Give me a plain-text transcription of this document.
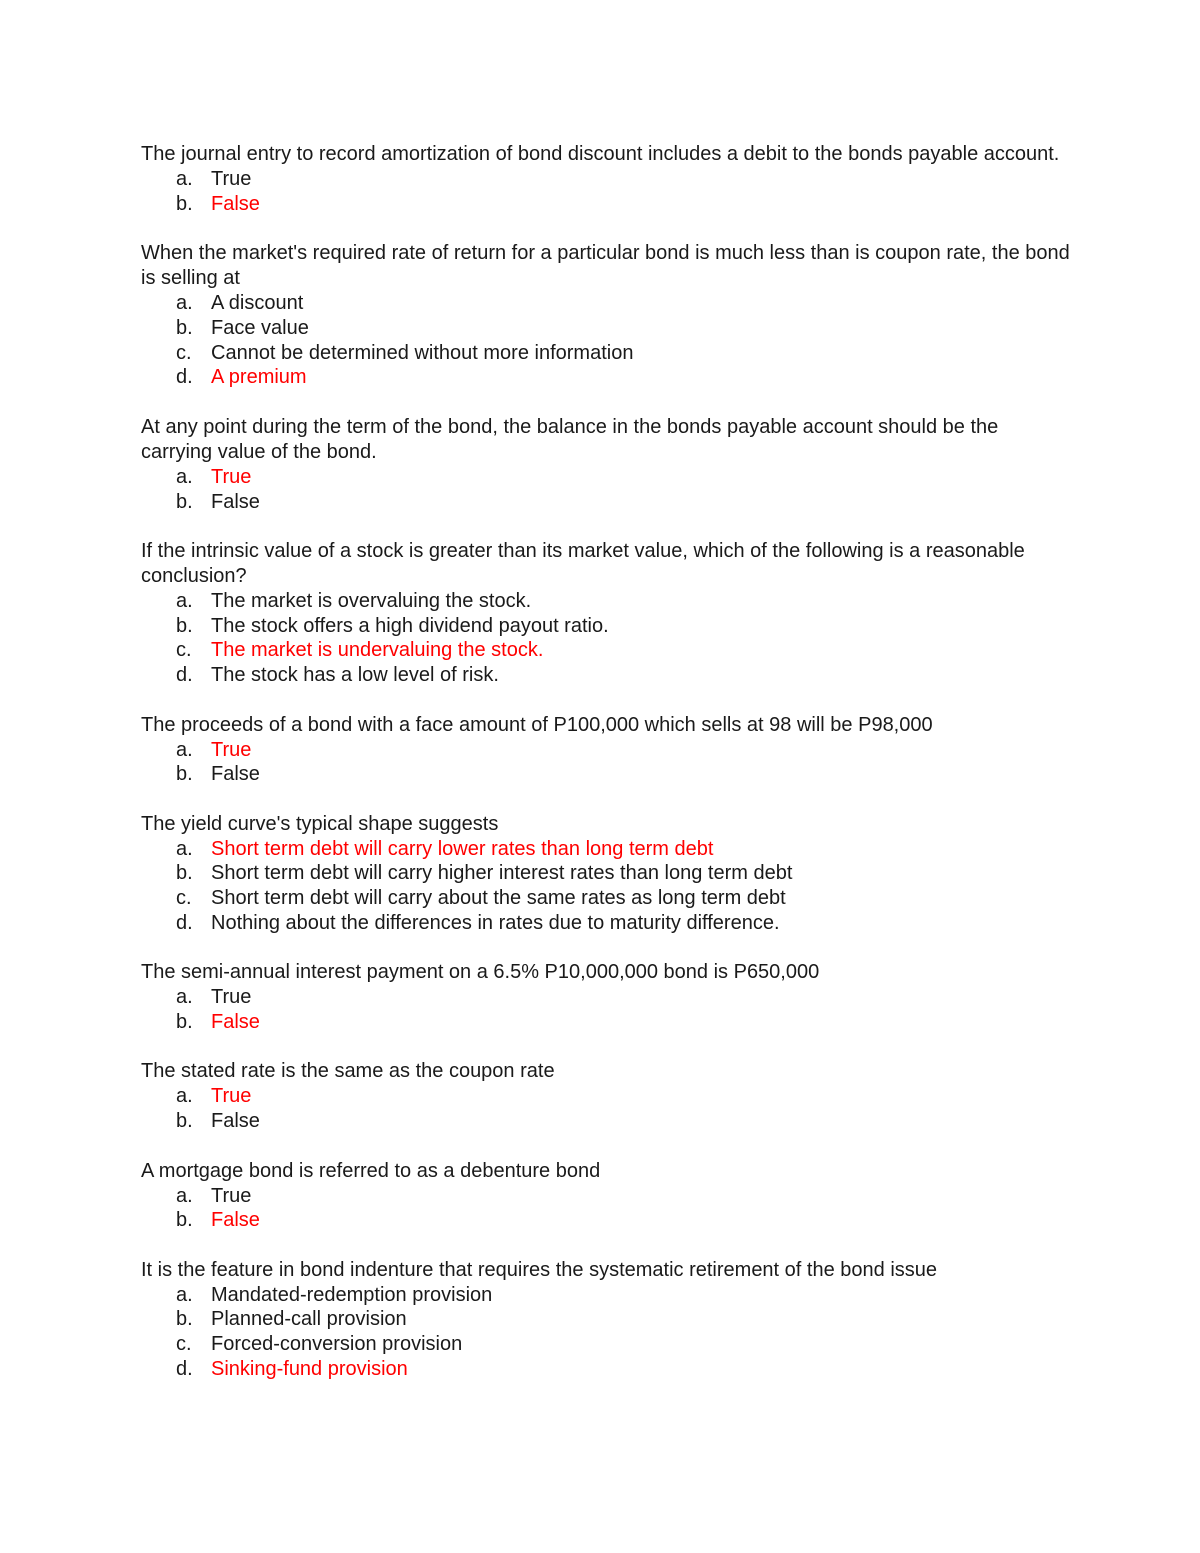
The journal entry to record amortization of bond discount includes a debit to the bonds payable account.

a. True
b. False

When the market's required rate of return for a particular bond is much less than is coupon rate, the bond is selling at

a. A discount
b. Face value
c. Cannot be determined without more information
d. A premium

At any point during the term of the bond, the balance in the bonds payable account should be the carrying value of the bond.

a. True
b. False

If the intrinsic value of a stock is greater than its market value, which of the following is a reasonable conclusion?

a. The market is overvaluing the stock.
b. The stock offers a high dividend payout ratio.
c. The market is undervaluing the stock.
d. The stock has a low level of risk.

The proceeds of a bond with a face amount of P100,000 which sells at 98 will be P98,000

a. True
b. False

The yield curve's typical shape suggests

a. Short term debt will carry lower rates than long term debt
b. Short term debt will carry higher interest rates than long term debt
c. Short term debt will carry about the same rates as long term debt
d. Nothing about the differences in rates due to maturity difference.

The semi-annual interest payment on a 6.5% P10,000,000 bond is P650,000

a. True
b. False

The stated rate is the same as the coupon rate

a. True
b. False

A mortgage bond is referred to as a debenture bond

a. True
b. False

It is the feature in bond indenture that requires the systematic retirement of the bond issue

a. Mandated-redemption provision
b. Planned-call provision
c. Forced-conversion provision
d. Sinking-fund provision
